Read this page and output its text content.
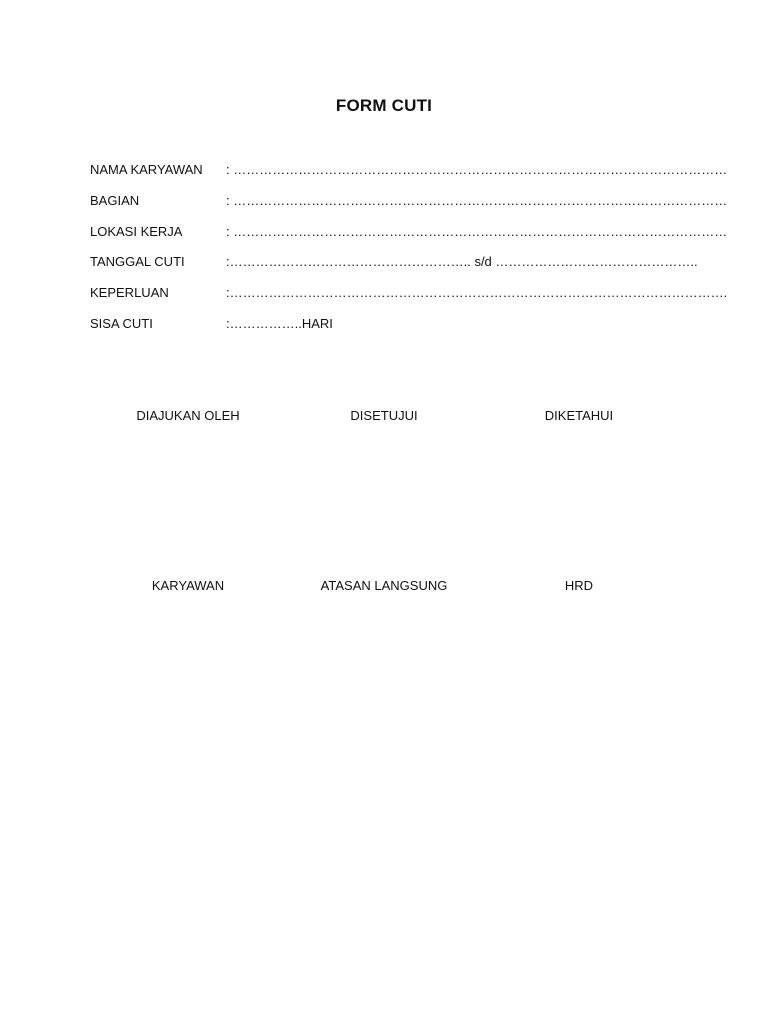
FORM CUTI
NAMA KARYAWAN : ……………………………………………………………………………………………………
BAGIAN	: ……………………………………………………………………………………………………
LOKASI KERJA	: ……………………………………………………………………………………………………
TANGGAL CUTI	:……………………………………………….. s/d ………………………………………..
KEPERLUAN	:…………………………………………………………………………………………………….
SISA CUTI	:……………..HARI
DIAJUKAN OLEH	DISETUJUI	DIKETAHUI
KARYAWAN	ATASAN LANGSUNG	HRD
